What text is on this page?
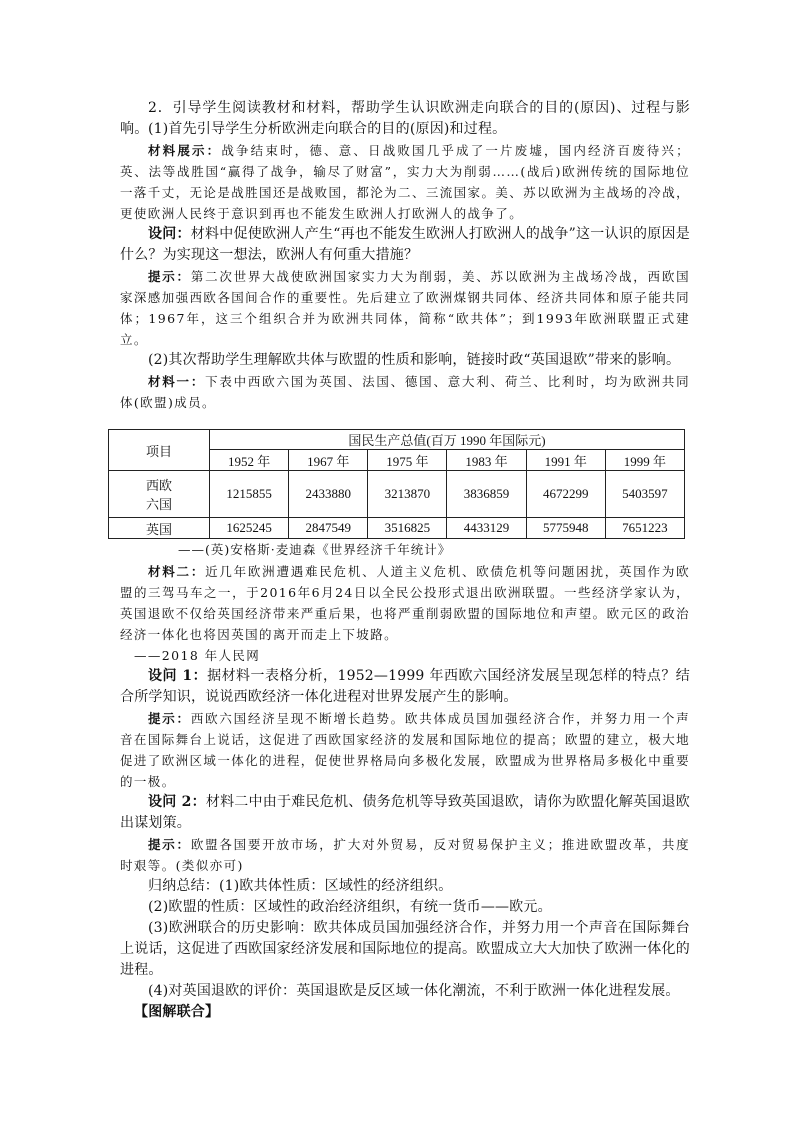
2．引导学生阅读教材和材料，帮助学生认识欧洲走向联合的目的(原因)、过程与影响。 (1)首先引导学生分析欧洲走向联合的目的(原因)和过程。
材料展示：战争结束时，德、意、日战败国几乎成了一片废墟，国内经济百废待兴；英、法等战胜国“赢得了战争，输尽了财富”，实力大为削弱……(战后)欧洲传统的国际地位一落千丈，无论是战胜国还是战败国，都沦为二、三流国家。美、苏以欧洲为主战场的冷战，更使欧洲人民终于意识到再也不能发生欧洲人打欧洲人的战争了。
设问：材料中促使欧洲人产生“再也不能发生欧洲人打欧洲人的战争”这一认识的原因是什么？为实现这一想法，欧洲人有何重大措施？
提示：第二次世界大战使欧洲国家实力大为削弱，美、苏以欧洲为主战场冷战，西欧国家深感加强西欧各国间合作的重要性。先后建立了欧洲煤钢共同体、经济共同体和原子能共同体；1967年，这三个组织合并为欧洲共同体，简称“欧共体”；到1993年欧洲联盟正式建立。
(2)其次帮助学生理解欧共体与欧盟的性质和影响，链接时政“英国退欧”带来的影响。
材料一：下表中西欧六国为英国、法国、德国、意大利、荷兰、比利时，均为欧洲共同体(欧盟)成员。
项目	国民生产总值(百万 1990 年国际元)					
	1952 年	1967 年	1975 年	1983 年	1991 年	1999 年
西欧
六国	1215855	2433880	3213870	3836859	4672299	5403597
英国	1625245	2847549	3516825	4433129	5775948	7651223
——(英)安格斯·麦迪森《世界经济千年统计》
材料二：近几年欧洲遭遇难民危机、人道主义危机、欧债危机等问题困扰，英国作为欧盟的三驾马车之一，于2016年6月24日以全民公投形式退出欧洲联盟。一些经济学家认为，英国退欧不仅给英国经济带来严重后果，也将严重削弱欧盟的国际地位和声望。欧元区的政治经济一体化也将因英国的离开而走上下坡路。
——2018 年人民网
设问 1：据材料一表格分析，1952—1999 年西欧六国经济发展呈现怎样的特点？结合所学知识，说说西欧经济一体化进程对世界发展产生的影响。
提示：西欧六国经济呈现不断增长趋势。欧共体成员国加强经济合作，并努力用一个声音在国际舞台上说话，这促进了西欧国家经济的发展和国际地位的提高；欧盟的建立，极大地促进了欧洲区域一体化的进程，促使世界格局向多极化发展，欧盟成为世界格局多极化中重要的一极。
设问 2：材料二中由于难民危机、债务危机等导致英国退欧，请你为欧盟化解英国退欧出谋划策。
提示：欧盟各国要开放市场，扩大对外贸易，反对贸易保护主义；推进欧盟改革，共度时艰等。(类似亦可)
归纳总结：(1)欧共体性质：区域性的经济组织。
(2)欧盟的性质：区域性的政治经济组织，有统一货币——欧元。
(3)欧洲联合的历史影响：欧共体成员国加强经济合作，并努力用一个声音在国际舞台上说话，这促进了西欧国家经济发展和国际地位的提高。欧盟成立大大加快了欧洲一体化的进程。
(4)对英国退欧的评价：英国退欧是反区域一体化潮流，不利于欧洲一体化进程发展。
【图解联合】
